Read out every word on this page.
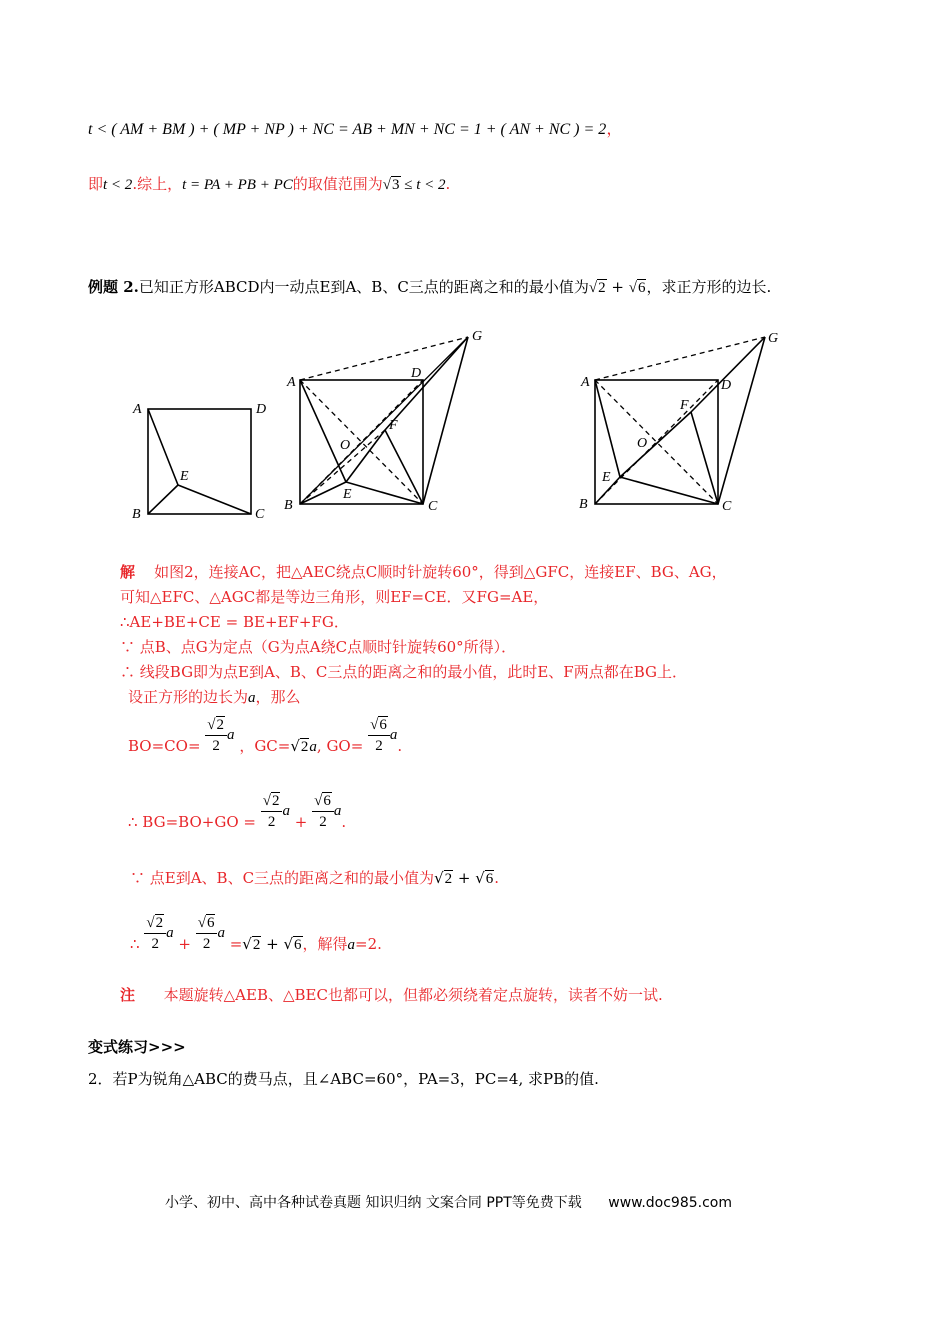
t < ( AM + BM ) + ( MP + NP ) + NC = AB + MN + NC = 1 + ( AN + NC ) = 2，
即t < 2.综上，t = PA + PB + PC的取值范围为√3 ≤ t < 2.
例题 2.已知正方形ABCD内一动点E到A、B、C三点的距离之和的最小值为√2 + √6，求正方形的边长.
A	D
B	C
E
A
D
G
F
O
E
B	C
A	D
G
F
O
E
B	C
解 如图2，连接AC，把△AEC绕点C顺时针旋转60°，得到△GFC，连接EF、BG、AG，
可知△EFC、△AGC都是等边三角形，则EF=CE．又FG=AE，
∴AE+BE+CE = BE+EF+FG．
∵ 点B、点G为定点（G为点A绕C点顺时针旋转60°所得）．
∴ 线段BG即为点E到A、B、C三点的距离之和的最小值，此时E、F两点都在BG上．
设正方形的边长为a，那么
$BO=CO= \frac{√2}{2}$ a ，GC=√2a, $GO= \frac{√6}{2} a$.
∴ $BG=BO+GO = \frac{√2}{2}$ $a + \frac{√6}{2} a$.
∵ 点E到A、B、C三点的距离之和的最小值为√2 + √6.
∴ $\frac{√2}{2}$ $a + \frac{√6}{2}$ a =√2 + √6，解得a=2.
注 本题旋转△AEB、△BEC也都可以，但都必须绕着定点旋转，读者不妨一试.
变式练习>>>
2．若P为锐角△ABC的费马点，且∠ABC=60°，PA=3，PC=4, 求PB的值.
小学、初中、高中各种试卷真题 知识归纳 文案合同 PPT等免费下载 www.doc985.com
